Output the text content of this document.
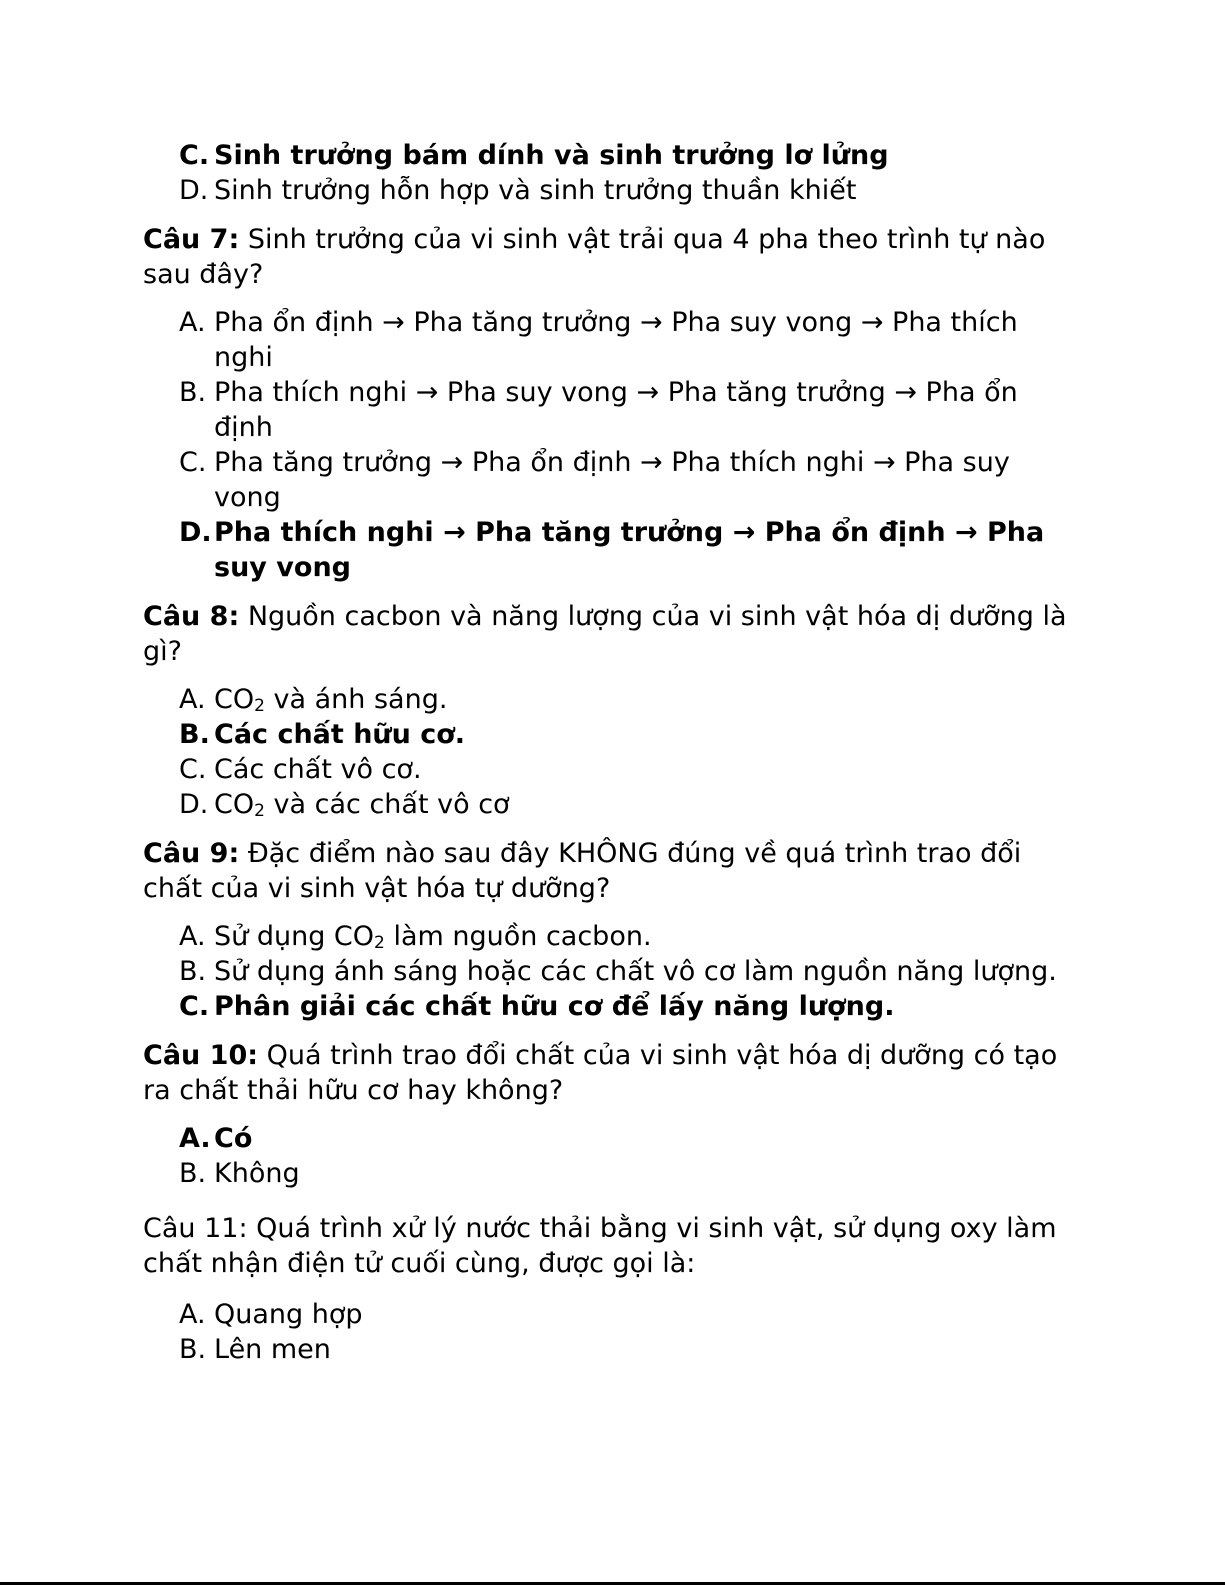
C. Sinh trưởng bám dính và sinh trưởng lơ lửng
D. Sinh trưởng hỗn hợp và sinh trưởng thuần khiết

Câu 7: Sinh trưởng của vi sinh vật trải qua 4 pha theo trình tự nào sau đây?

A. Pha ổn định → Pha tăng trưởng → Pha suy vong → Pha thích nghi
B. Pha thích nghi → Pha suy vong → Pha tăng trưởng → Pha ổn định
C. Pha tăng trưởng → Pha ổn định → Pha thích nghi → Pha suy vong
D. Pha thích nghi → Pha tăng trưởng → Pha ổn định → Pha suy vong

Câu 8: Nguồn cacbon và năng lượng của vi sinh vật hóa dị dưỡng là gì?

A. $CO_2$ và ánh sáng.
B. Các chất hữu cơ.
C. Các chất vô cơ.
D. $CO_2$ và các chất vô cơ

Câu 9: Đặc điểm nào sau đây KHÔNG đúng về quá trình trao đổi chất của vi sinh vật hóa tự dưỡng?

A. Sử dụng $CO_2$ làm nguồn cacbon.
B. Sử dụng ánh sáng hoặc các chất vô cơ làm nguồn năng lượng.
C. Phân giải các chất hữu cơ để lấy năng lượng.

Câu 10: Quá trình trao đổi chất của vi sinh vật hóa dị dưỡng có tạo ra chất thải hữu cơ hay không?

A. Có
B. Không

Câu 11: Quá trình xử lý nước thải bằng vi sinh vật, sử dụng oxy làm chất nhận điện tử cuối cùng, được gọi là:

A. Quang hợp
B. Lên men
